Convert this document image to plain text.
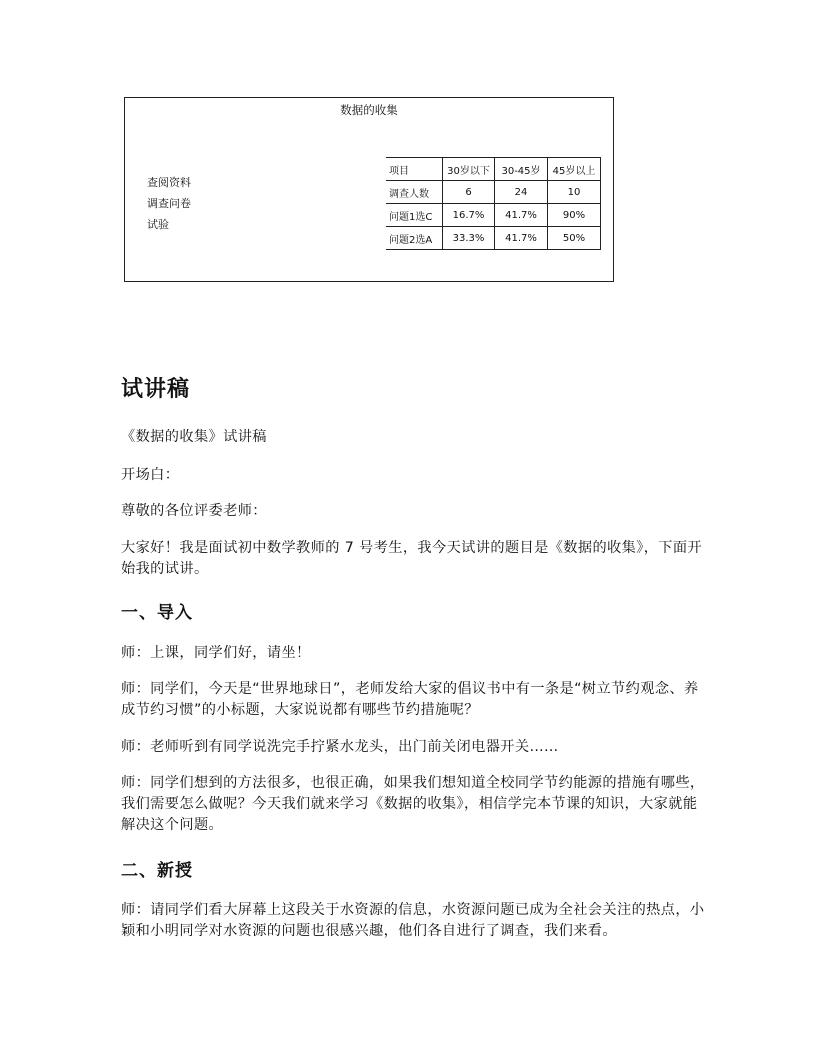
数据的收集
查阅资料
调查问卷
试验
项目	30岁以下	30-45岁	45岁以上
调查人数	6	24	10
问题1选C	16.7%	41.7%	90%
问题2选A	33.3%	41.7%	50%
试讲稿

《数据的收集》试讲稿

开场白：

尊敬的各位评委老师：

大家好！我是面试初中数学教师的 7 号考生，我今天试讲的题目是《数据的收集》，下面开始我的试讲。

一、导入

师：上课，同学们好，请坐！

师：同学们，今天是“世界地球日”，老师发给大家的倡议书中有一条是“树立节约观念、养成节约习惯”的小标题，大家说说都有哪些节约措施呢？

师：老师听到有同学说洗完手拧紧水龙头，出门前关闭电器开关……

师：同学们想到的方法很多，也很正确，如果我们想知道全校同学节约能源的措施有哪些，我们需要怎么做呢？今天我们就来学习《数据的收集》，相信学完本节课的知识，大家就能解决这个问题。

二、新授

师：请同学们看大屏幕上这段关于水资源的信息，水资源问题已成为全社会关注的热点，小颖和小明同学对水资源的问题也很感兴趣，他们各自进行了调查，我们来看。
